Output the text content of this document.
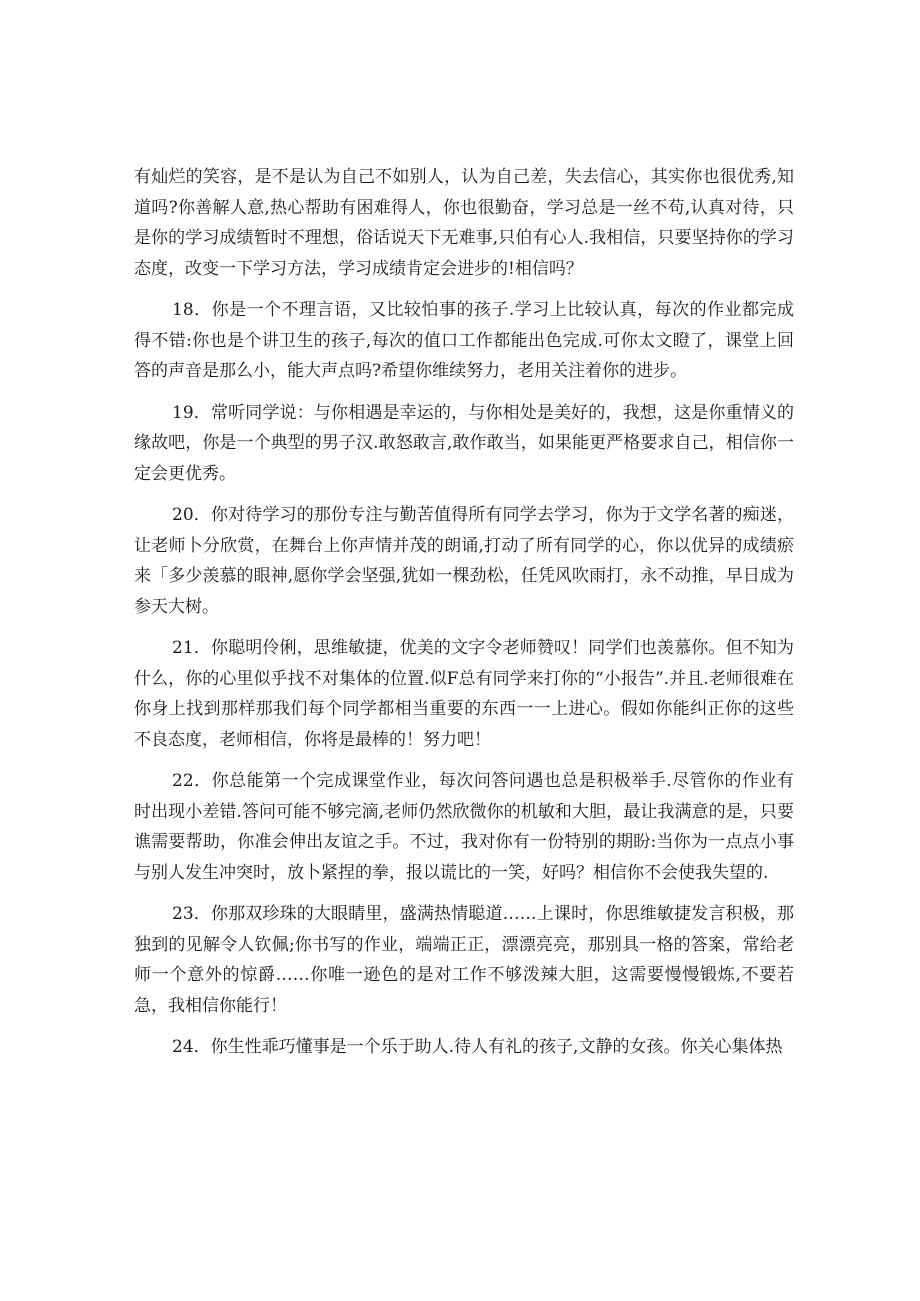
有灿烂的笑容，是不是认为自己不如别人，认为自己差，失去信心，其实你也很优秀,知道吗?你善解人意,热心帮助有困难得人，你也很勤奋，学习总是一丝不苟,认真对待，只是你的学习成绩暂时不理想，俗话说天下无难事,只伯有心人.我相信，只要坚持你的学习态度，改变一下学习方法，学习成绩肯定会进步的!相信吗？

18．你是一个不理言语，又比较怕事的孩子.学习上比较认真，每次的作业都完成得不错:你也是个讲卫生的孩子,每次的值口工作都能出色完成.可你太文瞪了，课堂上回答的声音是那么小，能大声点吗?希望你维续努力，老用关注着你的进步。

19．常听同学说：与你相遇是幸运的，与你相处是美好的，我想，这是你重情义的缘故吧，你是一个典型的男子汉.敢怒敢言,敢作敢当，如果能更严格要求自己，相信你一定会更优秀。

20．你对待学习的那份专注与勤苦值得所有同学去学习，你为于文学名著的痴迷，让老师卜分欣赏，在舞台上你声情并茂的朗诵,打动了所有同学的心，你以优异的成绩瘀来「多少羡慕的眼神,愿你学会坚强,犹如一棵劲松，任凭风吹雨打，永不动推，早日成为参天大树。

21．你聪明伶俐，思维敏捷，优美的文字令老师赞叹！同学们也羡慕你。但不知为什么，你的心里似乎找不对集体的位置.似F总有同学来打你的“小报告”.并且.老师很难在你身上找到那样那我们每个同学都相当重要的东西一一上进心。假如你能纠正你的这些不良态度，老师相信，你将是最棒的！努力吧！

22．你总能第一个完成课堂作业，每次问答问遇也总是积极举手.尽管你的作业有时出现小差错.答问可能不够完滴,老师仍然欣微你的机敏和大胆，最让我满意的是，只要谯需要帮助，你准会伸出友谊之手。不过，我对你有一份特别的期盼:当你为一点点小事与别人发生冲突时，放卜紧捏的拳，报以谎比的一笑，好吗？相信你不会使我失望的.

23．你那双珍珠的大眼睛里，盛满热情聪道……上课时，你思维敏捷发言积极，那独到的见解令人钦佩;你书写的作业，端端正正，漂漂亮亮，那别具一格的答案，常给老师一个意外的惊爵……你唯一逊色的是对工作不够泼辣大胆，这需要慢慢锻炼,不要若急，我相信你能行！

24．你生性乖巧懂事是一个乐于助人.待人有礼的孩子,文静的女孩。你关心集体热
